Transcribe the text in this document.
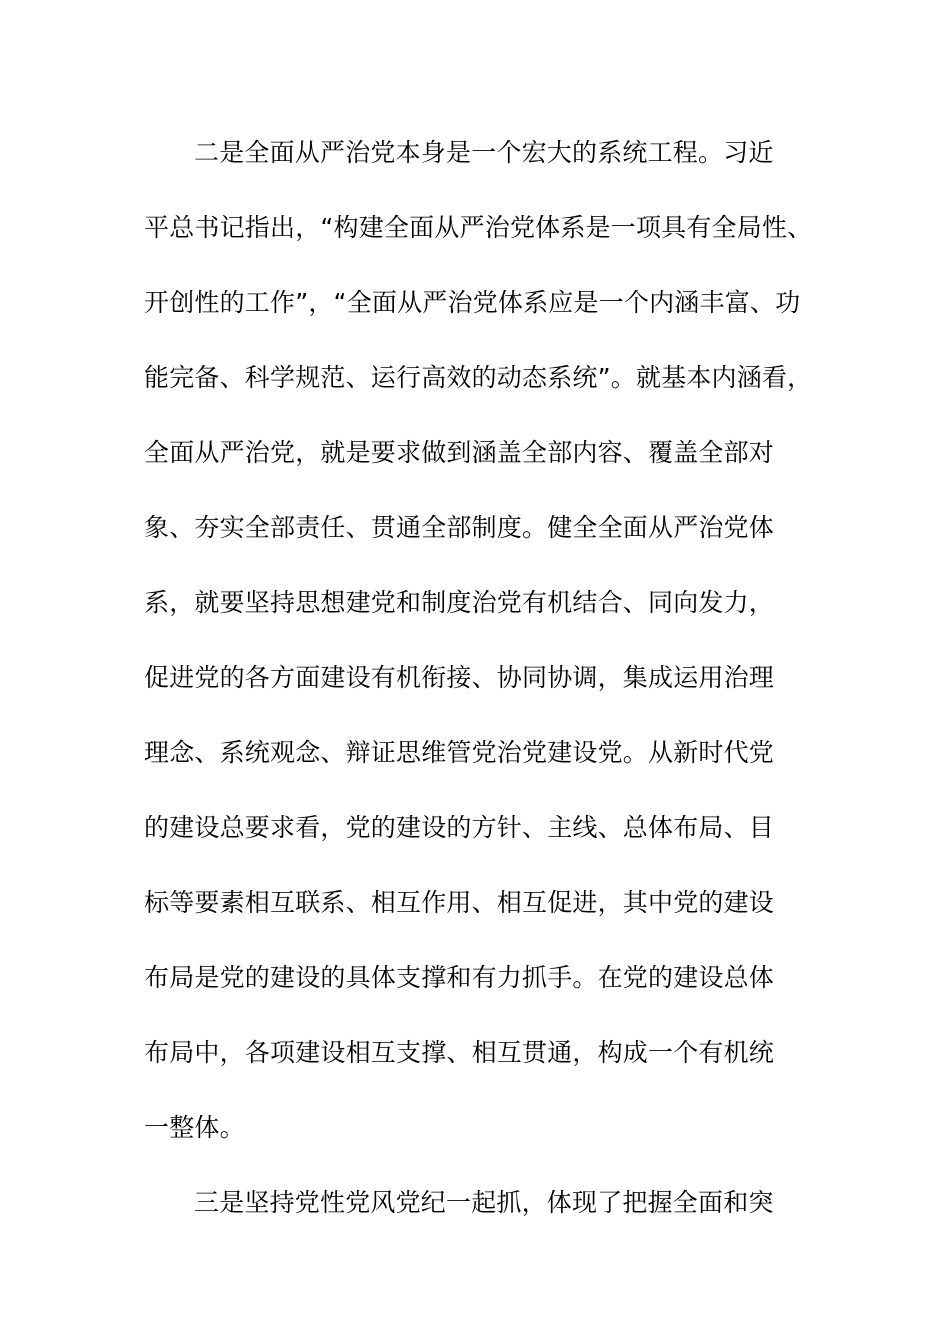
二是全面从严治党本身是一个宏大的系统工程。习近
平总书记指出，“构建全面从严治党体系是一项具有全局性、
开创性的工作”，“全面从严治党体系应是一个内涵丰富、功
能完备、科学规范、运行高效的动态系统”。就基本内涵看，
全面从严治党，就是要求做到涵盖全部内容、覆盖全部对
象、夯实全部责任、贯通全部制度。健全全面从严治党体
系，就要坚持思想建党和制度治党有机结合、同向发力，
促进党的各方面建设有机衔接、协同协调，集成运用治理
理念、系统观念、辩证思维管党治党建设党。从新时代党
的建设总要求看，党的建设的方针、主线、总体布局、目
标等要素相互联系、相互作用、相互促进，其中党的建设
布局是党的建设的具体支撑和有力抓手。在党的建设总体
布局中，各项建设相互支撑、相互贯通，构成一个有机统
一整体。
三是坚持党性党风党纪一起抓，体现了把握全面和突
